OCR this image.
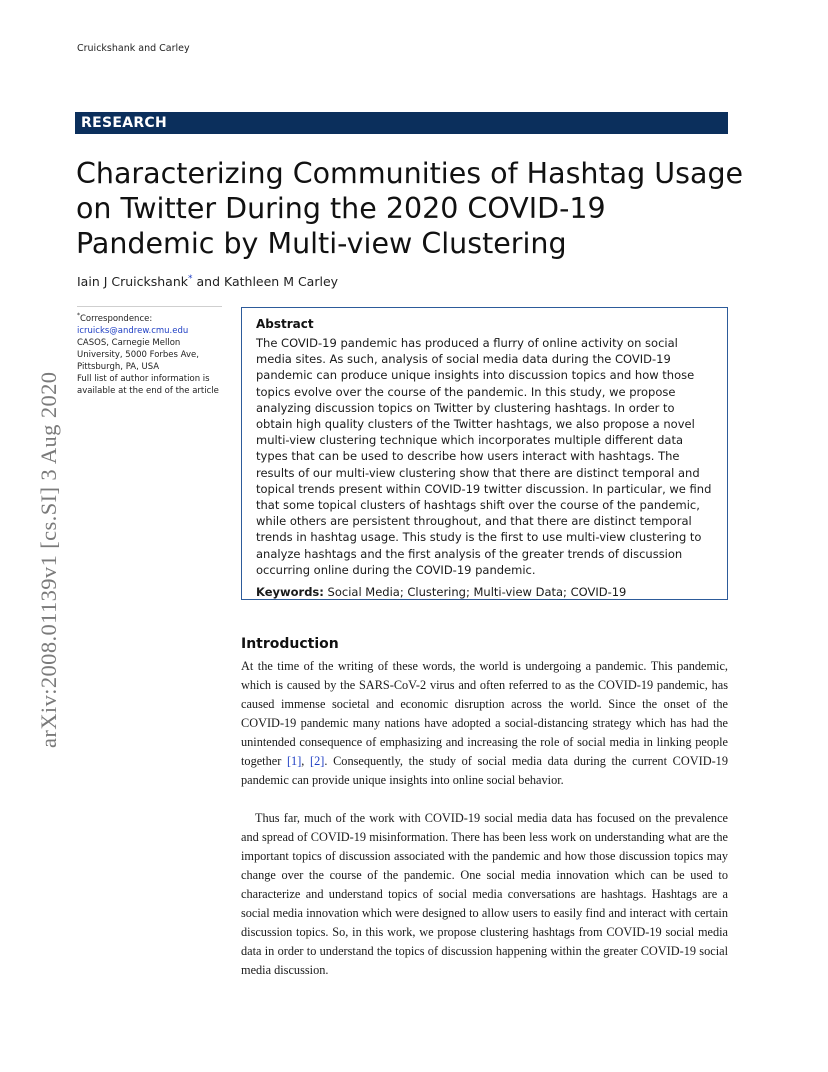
Cruickshank and Carley
RESEARCH
Characterizing Communities of Hashtag Usage on Twitter During the 2020 COVID-19 Pandemic by Multi-view Clustering
Iain J Cruickshank* and Kathleen M Carley
*Correspondence:
icruicks@andrew.cmu.edu
CASOS, Carnegie Mellon
University, 5000 Forbes Ave,
Pittsburgh, PA, USA
Full list of author information is
available at the end of the article
arXiv:2008.01139v1 [cs.SI] 3 Aug 2020
Abstract

The COVID-19 pandemic has produced a flurry of online activity on social media sites. As such, analysis of social media data during the COVID-19 pandemic can produce unique insights into discussion topics and how those topics evolve over the course of the pandemic. In this study, we propose analyzing discussion topics on Twitter by clustering hashtags. In order to obtain high quality clusters of the Twitter hashtags, we also propose a novel multi-view clustering technique which incorporates multiple different data types that can be used to describe how users interact with hashtags. The results of our multi-view clustering show that there are distinct temporal and topical trends present within COVID-19 twitter discussion. In particular, we find that some topical clusters of hashtags shift over the course of the pandemic, while others are persistent throughout, and that there are distinct temporal trends in hashtag usage. This study is the first to use multi-view clustering to analyze hashtags and the first analysis of the greater trends of discussion occurring online during the COVID-19 pandemic.

Keywords: Social Media; Clustering; Multi-view Data; COVID-19
Introduction

At the time of the writing of these words, the world is undergoing a pandemic. This pandemic, which is caused by the SARS-CoV-2 virus and often referred to as the COVID-19 pandemic, has caused immense societal and economic disruption across the world. Since the onset of the COVID-19 pandemic many nations have adopted a social-distancing strategy which has had the unintended consequence of emphasizing and increasing the role of social media in linking people together [1], [2]. Consequently, the study of social media data during the current COVID-19 pandemic can provide unique insights into online social behavior.

Thus far, much of the work with COVID-19 social media data has focused on the prevalence and spread of COVID-19 misinformation. There has been less work on understanding what are the important topics of discussion associated with the pandemic and how those discussion topics may change over the course of the pandemic. One social media innovation which can be used to characterize and understand topics of social media conversations are hashtags. Hashtags are a social media innovation which were designed to allow users to easily find and interact with certain discussion topics. So, in this work, we propose clustering hashtags from COVID-19 social media data in order to understand the topics of discussion happening within the greater COVID-19 social media discussion.
